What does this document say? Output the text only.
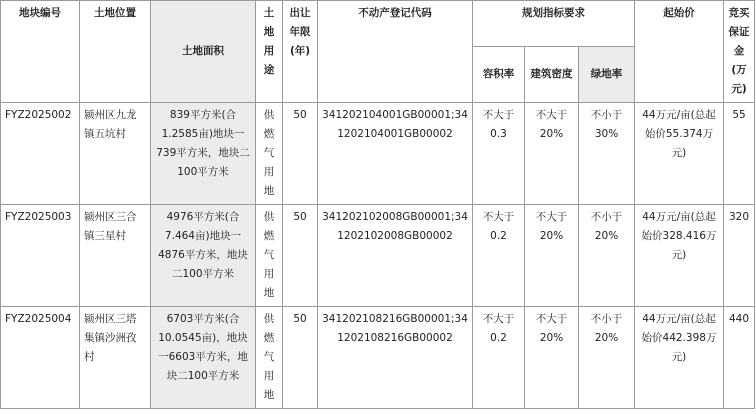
地块编号	土地位置	土地面积	土地用途	出让年限(年)	不动产登记代码	规划指标要求			起始价	竞买保证金(万元)
						容积率	建筑密度	绿地率		
FYZ2025002	颍州区九龙镇五坑村	839平方米(合1.2585亩)地块一739平方米，地块二100平方米	供燃气用地	50	341202104001GB00001;341202104001GB00002	不大于0.3	不大于20%	不小于30%	44万元/亩(总起始价55.374万元)	55
FYZ2025003	颍州区三合镇三星村	4976平方米(合7.464亩)地块一4876平方米，地块二100平方米	供燃气用地	50	341202102008GB00001;341202102008GB00002	不大于0.2	不大于20%	不小于20%	44万元/亩(总起始价328.416万元)	320
FYZ2025004	颍州区三塔集镇沙洲孜村	6703平方米(合10.0545亩)，地块一6603平方米，地块二100平方米	供燃气用地	50	341202108216GB00001;341202108216GB00002	不大于0.2	不大于20%	不小于20%	44万元/亩(总起始价442.398万元)	440
